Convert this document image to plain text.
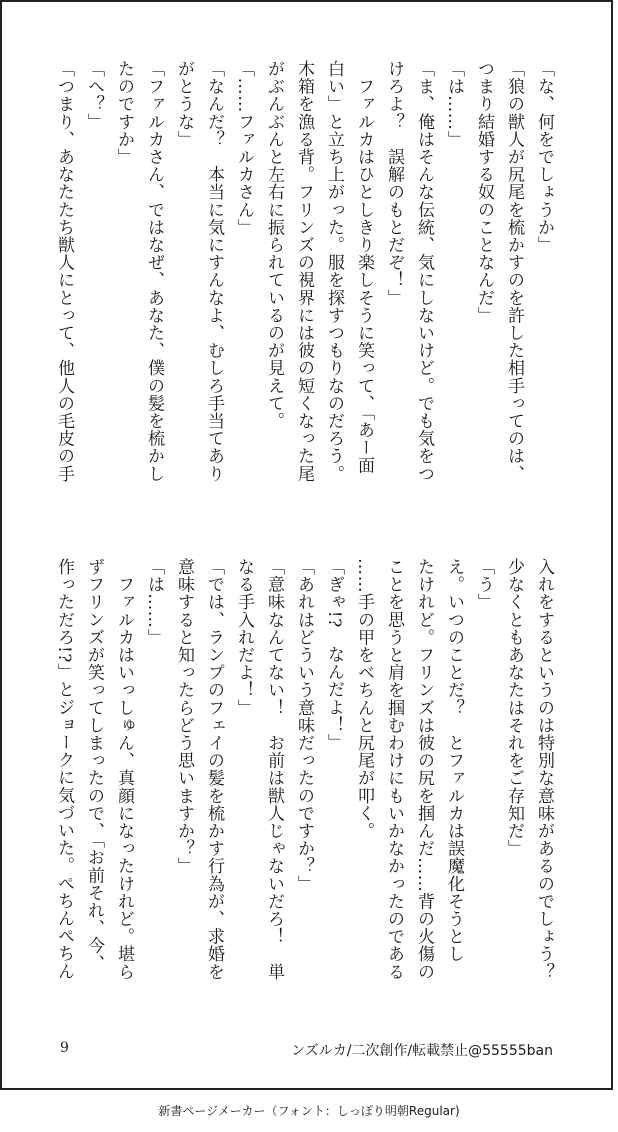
「な、何をでしょうか」

「狼の獣人が尻尾を梳かすのを許した相手ってのは、

つまり結婚する奴のことなんだ」

「は……」

「ま、俺はそんな伝統、気にしないけど。でも気をつ

けろよ？　誤解のもとだぞ！」

　ファルカはひとしきり楽しそうに笑って、「あー面

白い」と立ち上がった。服を探すつもりなのだろう。

木箱を漁る背。フリンズの視界には彼の短くなった尾

がぶんぶんと左右に振られているのが見えて。

「……ファルカさん」

「なんだ？　本当に気にすんなよ、むしろ手当てあり

がとうな」

「ファルカさん、ではなぜ、あなた、僕の髪を梳かし

たのですか」

「へ？」

「つまり、あなたたち獣人にとって、他人の毛皮の手

入れをするというのは特別な意味があるのでしょう？

少なくともあなたはそれをご存知だ」

「う」

え。いつのことだ？　とファルカは誤魔化そうとし

たけれど。フリンズは彼の尻を掴んだ……背の火傷の

ことを思うと肩を掴むわけにもいかなかったのである

……手の甲をべちんと尻尾が叩く。

「ぎゃ!?　なんだよ！」

「あれはどういう意味だったのですか？」

「意味なんてない！　お前は獣人じゃないだろ！　単

なる手入れだよ！」

「では、ランプのフェイの髪を梳かす行為が、求婚を

意味すると知ったらどう思いますか？」

「は……」

　ファルカはいっしゅん、真顔になったけれど。堪ら

ずフリンズが笑ってしまったので、「お前それ、今、

作っただろ!?」とジョークに気づいた。ぺちんぺちん

9	ンズルカ/二次創作/転載禁止@55555ban
新書ページメーカー（フォント：しっぽり明朝Regular)
